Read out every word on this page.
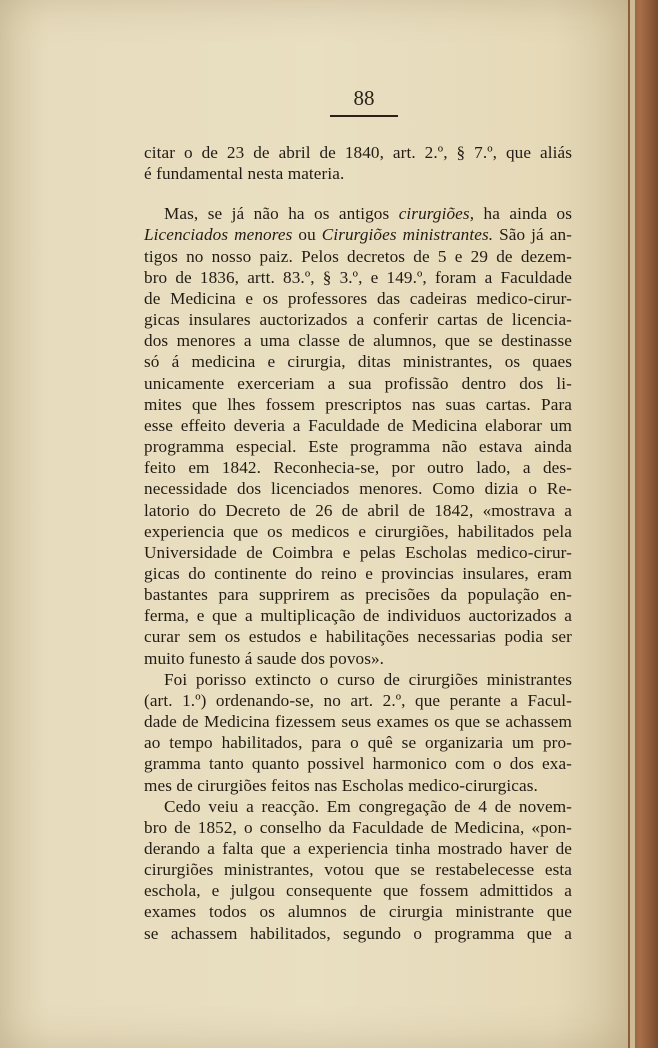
88
citar o de 23 de abril de 1840, art. 2.º, § 7.º, que aliás
é fundamental nesta materia.
Mas, se já não ha os antigos cirurgiões, ha ainda os
Licenciados menores ou Cirurgiões ministrantes. São já an-
tigos no nosso paiz. Pelos decretos de 5 e 29 de dezem-
bro de 1836, artt. 83.º, § 3.º, e 149.º, foram a Faculdade
de Medicina e os professores das cadeiras medico-cirur-
gicas insulares auctorizados a conferir cartas de licencia-
dos menores a uma classe de alumnos, que se destinasse
só á medicina e cirurgia, ditas ministrantes, os quaes
unicamente exerceriam a sua profissão dentro dos li-
mites que lhes fossem prescriptos nas suas cartas. Para
esse effeito deveria a Faculdade de Medicina elaborar um
programma especial. Este programma não estava ainda
feito em 1842. Reconhecia-se, por outro lado, a des-
necessidade dos licenciados menores. Como dizia o Re-
latorio do Decreto de 26 de abril de 1842, «mostrava a
experiencia que os medicos e cirurgiões, habilitados pela
Universidade de Coimbra e pelas Escholas medico-cirur-
gicas do continente do reino e provincias insulares, eram
bastantes para supprirem as precisões da população en-
ferma, e que a multiplicação de individuos auctorizados a
curar sem os estudos e habilitações necessarias podia ser
muito funesto á saude dos povos».
Foi porisso extincto o curso de cirurgiões ministrantes
(art. 1.º) ordenando-se, no art. 2.º, que perante a Facul-
dade de Medicina fizessem seus exames os que se achassem
ao tempo habilitados, para o quê se organizaria um pro-
gramma tanto quanto possivel harmonico com o dos exa-
mes de cirurgiões feitos nas Escholas medico-cirurgicas.
Cedo veiu a reacção. Em congregação de 4 de novem-
bro de 1852, o conselho da Faculdade de Medicina, «pon-
derando a falta que a experiencia tinha mostrado haver de
cirurgiões ministrantes, votou que se restabelecesse esta
eschola, e julgou consequente que fossem admittidos a
exames todos os alumnos de cirurgia ministrante que
se achassem habilitados, segundo o programma que a
